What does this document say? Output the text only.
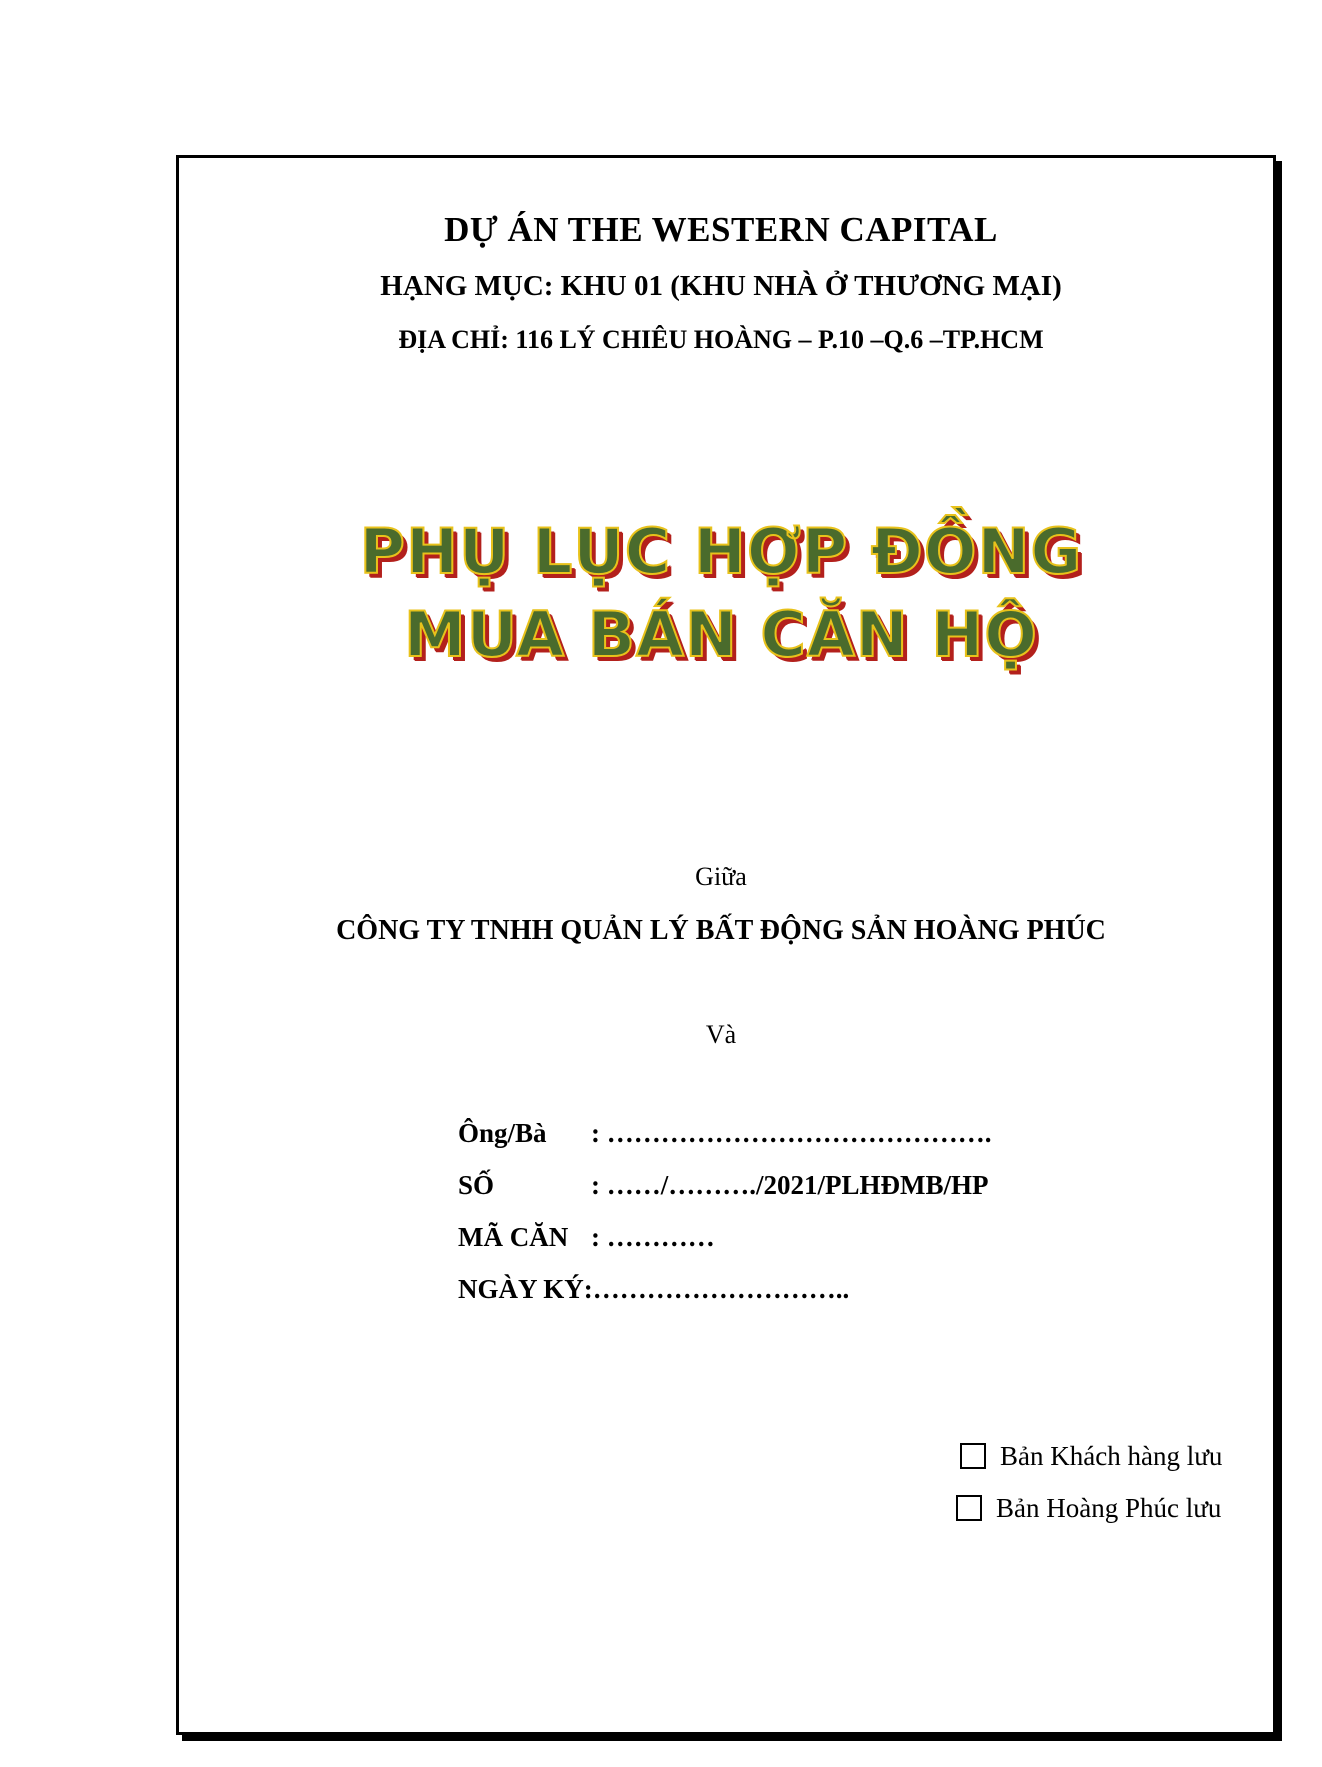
DỰ ÁN THE WESTERN CAPITAL
HẠNG MỤC: KHU 01 (KHU NHÀ Ở THƯƠNG MẠI)
ĐỊA CHỈ: 116 LÝ CHIÊU HOÀNG – P.10 –Q.6 –TP.HCM
PHỤ LỤC HỢP ĐỒNG
MUA BÁN CĂN HỘ
Giữa
CÔNG TY TNHH QUẢN LÝ BẤT ĐỘNG SẢN HOÀNG PHÚC
Và
Ông/Bà	: …………………………………….
SỐ	: ……/………./2021/PLHĐMB/HP
MÃ CĂN : …………
NGÀY KÝ: ………………………..
Bản Khách hàng lưu
Bản Hoàng Phúc lưu
